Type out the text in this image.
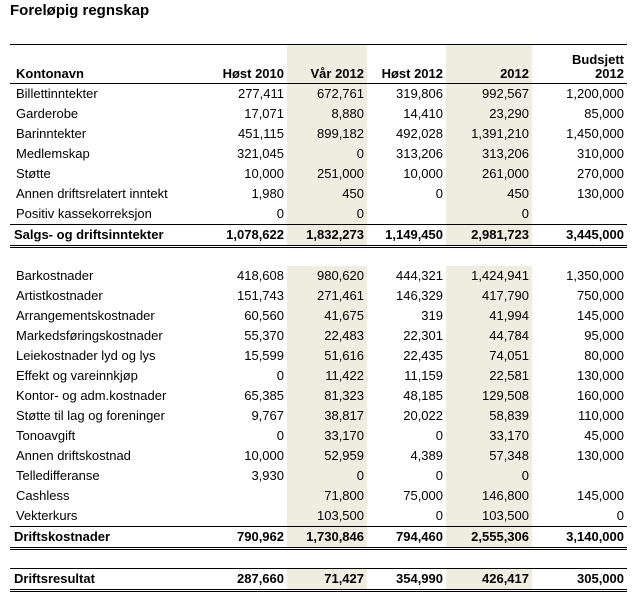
Foreløpig regnskap
Kontonavn	Høst 2010	Vår 2012	Høst 2012	2012	Budsjett
2012
Billettinntekter	277,411	672,761	319,806	992,567	1,200,000
Garderobe	17,071	8,880	14,410	23,290	85,000
Barinntekter	451,115	899,182	492,028	1,391,210	1,450,000
Medlemskap	321,045	0	313,206	313,206	310,000
Støtte	10,000	251,000	10,000	261,000	270,000
Annen driftsrelatert inntekt	1,980	450	0	450	130,000
Positiv kassekorreksjon	0	0		0	
Salgs- og driftsinntekter	1,078,622	1,832,273	1,149,450	2,981,723	3,445,000

Barkostnader	418,608	980,620	444,321	1,424,941	1,350,000
Artistkostnader	151,743	271,461	146,329	417,790	750,000
Arrangementskostnader	60,560	41,675	319	41,994	145,000
Markedsføringskostnader	55,370	22,483	22,301	44,784	95,000
Leiekostnader lyd og lys	15,599	51,616	22,435	74,051	80,000
Effekt og vareinnkjøp	0	11,422	11,159	22,581	130,000
Kontor- og adm.kostnader	65,385	81,323	48,185	129,508	160,000
Støtte til lag og foreninger	9,767	38,817	20,022	58,839	110,000
Tonoavgift	0	33,170	0	33,170	45,000
Annen driftskostnad	10,000	52,959	4,389	57,348	130,000
Telledifferanse	3,930	0	0	0	
Cashless		71,800	75,000	146,800	145,000
Vekterkurs		103,500	0	103,500	0
Driftskostnader	790,962	1,730,846	794,460	2,555,306	3,140,000

Driftsresultat	287,660	71,427	354,990	426,417	305,000
